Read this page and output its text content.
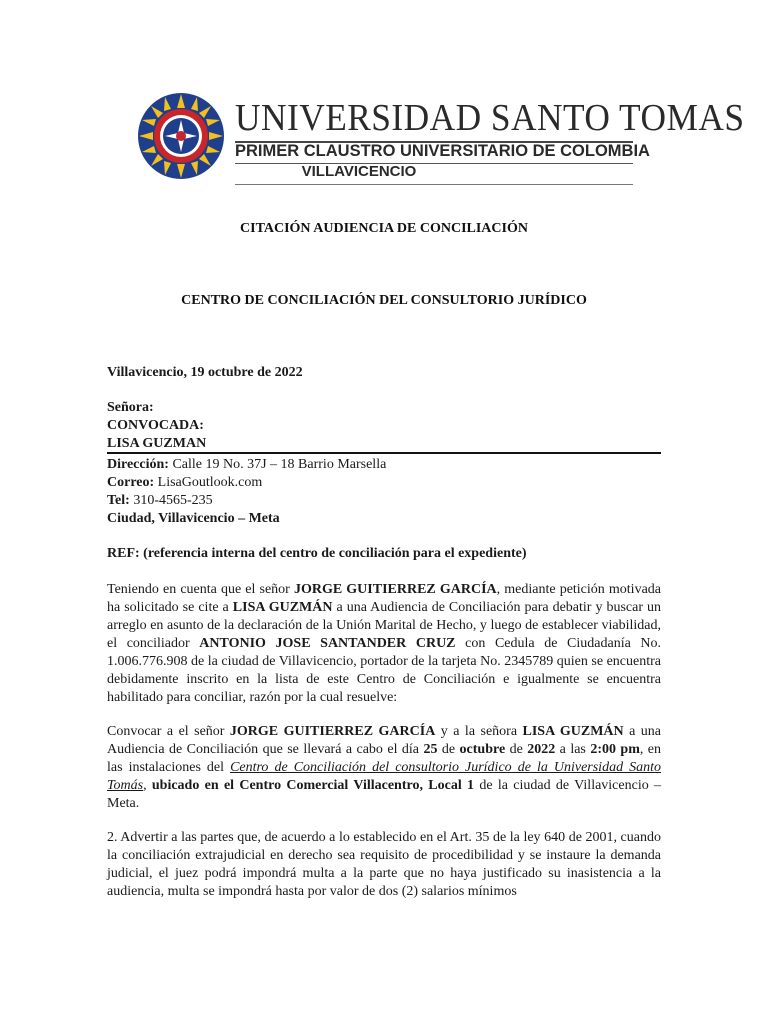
UNIVERSIDAD SANTO TOMAS
PRIMER CLAUSTRO UNIVERSITARIO DE COLOMBIA
VILLAVICENCIO
CITACIÓN AUDIENCIA DE CONCILIACIÓN
CENTRO DE CONCILIACIÓN DEL CONSULTORIO JURÍDICO
Villavicencio, 19 octubre de 2022
Señora:
CONVOCADA:
LISA GUZMAN
Dirección: Calle 19 No. 37J – 18 Barrio Marsella
Correo: LisaGoutlook.com
Tel: 310-4565-235
Ciudad, Villavicencio – Meta
REF: (referencia interna del centro de conciliación para el expediente)
Teniendo en cuenta que el señor JORGE GUITIERREZ GARCÍA, mediante petición motivada ha solicitado se cite a LISA GUZMÁN a una Audiencia de Conciliación para debatir y buscar un arreglo en asunto de la declaración de la Unión Marital de Hecho, y luego de establecer viabilidad, el conciliador ANTONIO JOSE SANTANDER CRUZ con Cedula de Ciudadanía No. 1.006.776.908 de la ciudad de Villavicencio, portador de la tarjeta No. 2345789 quien se encuentra debidamente inscrito en la lista de este Centro de Conciliación e igualmente se encuentra habilitado para conciliar, razón por la cual resuelve:
Convocar a el señor JORGE GUITIERREZ GARCÍA y a la señora LISA GUZMÁN a una Audiencia de Conciliación que se llevará a cabo el día 25 de octubre de 2022 a las 2:00 pm, en las instalaciones del Centro de Conciliación del consultorio Jurídico de la Universidad Santo Tomás, ubicado en el Centro Comercial Villacentro, Local 1 de la ciudad de Villavicencio – Meta.
2. Advertir a las partes que, de acuerdo a lo establecido en el Art. 35 de la ley 640 de 2001, cuando la conciliación extrajudicial en derecho sea requisito de procedibilidad y se instaure la demanda judicial, el juez podrá impondrá multa a la parte que no haya justificado su inasistencia a la audiencia, multa se impondrá hasta por valor de dos (2) salarios mínimos
